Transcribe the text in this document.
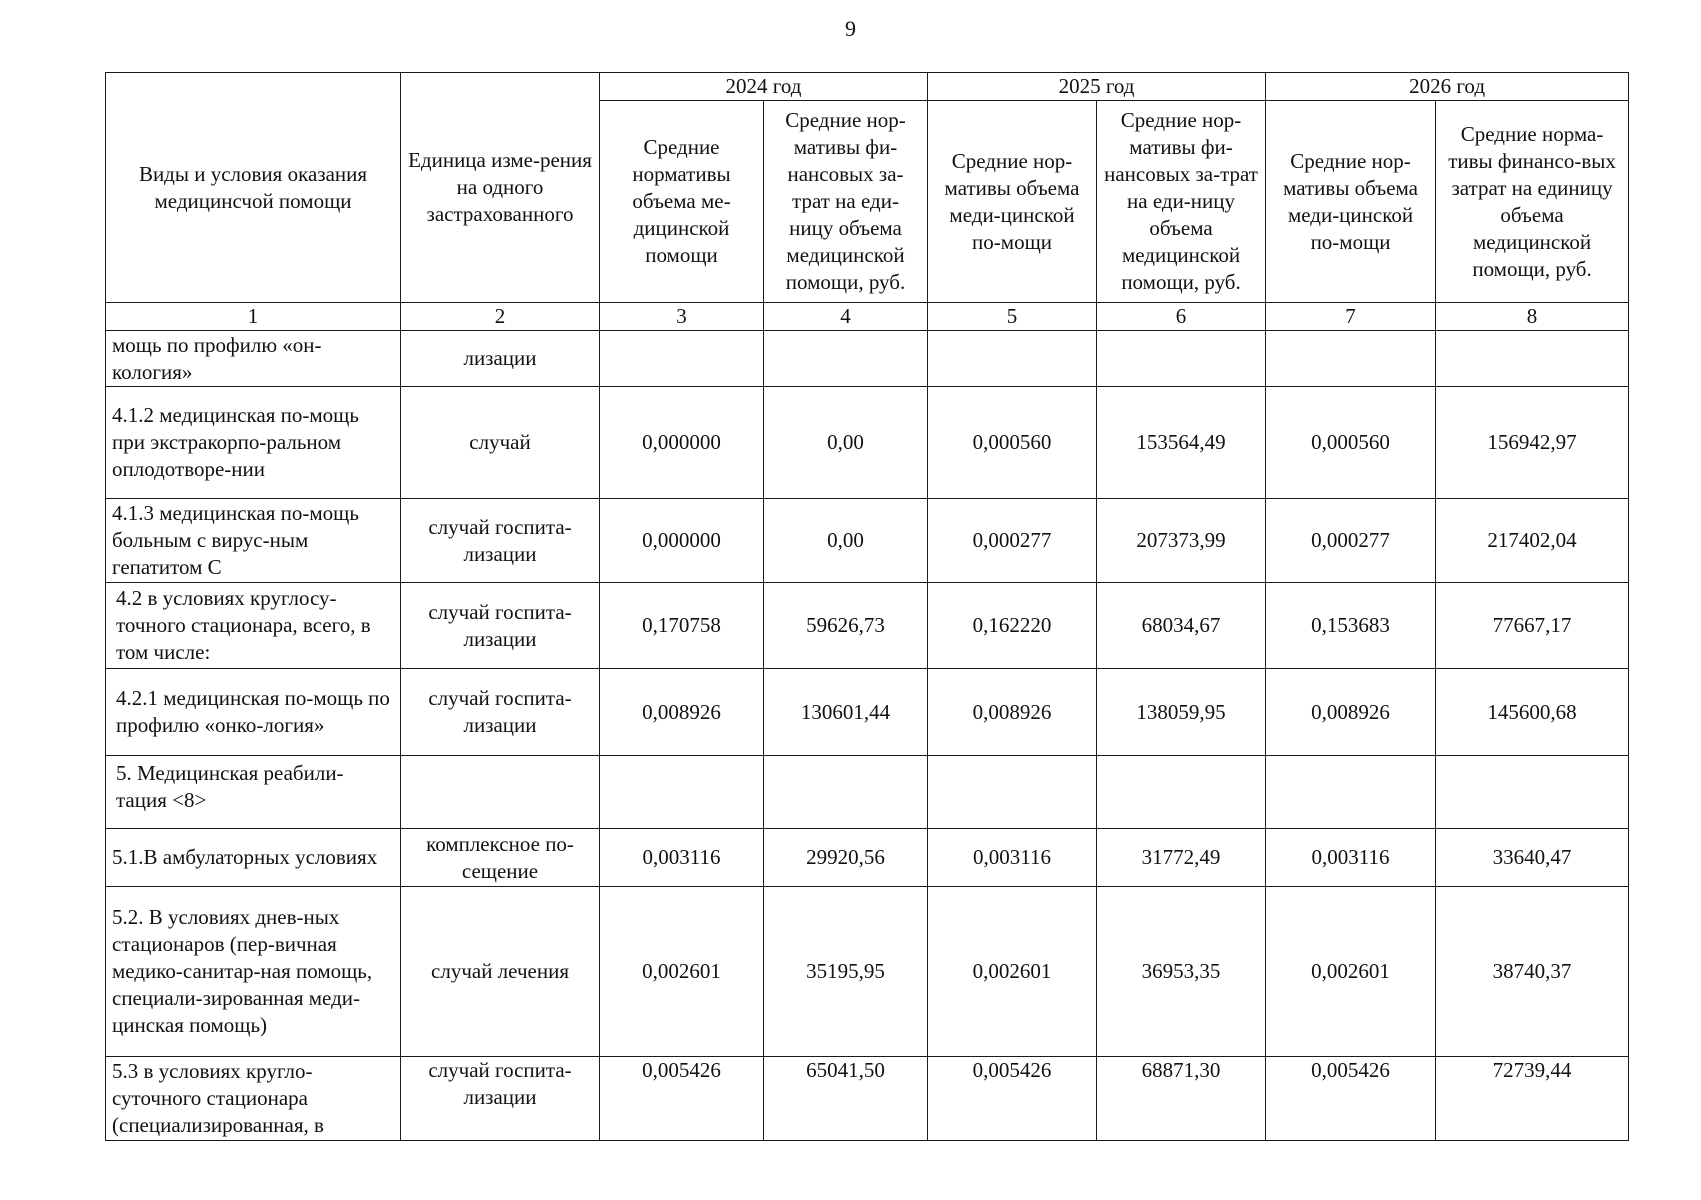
9
Виды и условия оказания медицинсчой помощи	Единица изме-рения на одного застрахованного	2024 год		2025 год		2026 год	
		Средние нормативы объема ме-дицинской помощи	Средние нор-мативы фи-нансовых за-трат на еди-ницу объема медицинской помощи, руб.	Средние нор-мативы объема меди-цинской по-мощи	Средние нор-мативы фи-нансовых за-трат на еди-ницу объема медицинской помощи, руб.	Средние нор-мативы объема меди-цинской по-мощи	Средние норма-тивы финансо-вых затрат на единицу объема медицинской помощи, руб.
1	2	3	4	5	6	7	8
мощь по профилю «он-кология»	лизации						
4.1.2 медицинская по-мощь при экстракорпо-ральном оплодотворе-нии	случай	0,000000	0,00	0,000560	153564,49	0,000560	156942,97
4.1.3 медицинская по-мощь больным с вирус-ным гепатитом С	случай госпита-лизации	0,000000	0,00	0,000277	207373,99	0,000277	217402,04
4.2 в условиях круглосу-точного стационара, всего, в том числе:	случай госпита-лизации	0,170758	59626,73	0,162220	68034,67	0,153683	77667,17
4.2.1 медицинская по-мощь по профилю «онко-логия»	случай госпита-лизации	0,008926	130601,44	0,008926	138059,95	0,008926	145600,68
5. Медицинская реабили-тация <8>							
5.1.В амбулаторных условиях	комплексное по-сещение	0,003116	29920,56	0,003116	31772,49	0,003116	33640,47
5.2. В условиях днев-ных стационаров (пер-вичная медико-санитар-ная помощь, специали-зированная меди-цинская помощь)	случай лечения	0,002601	35195,95	0,002601	36953,35	0,002601	38740,37
5.3 в условиях кругло-суточного стационара (специализированная, в	случай госпита-лизации	0,005426	65041,50	0,005426	68871,30	0,005426	72739,44
